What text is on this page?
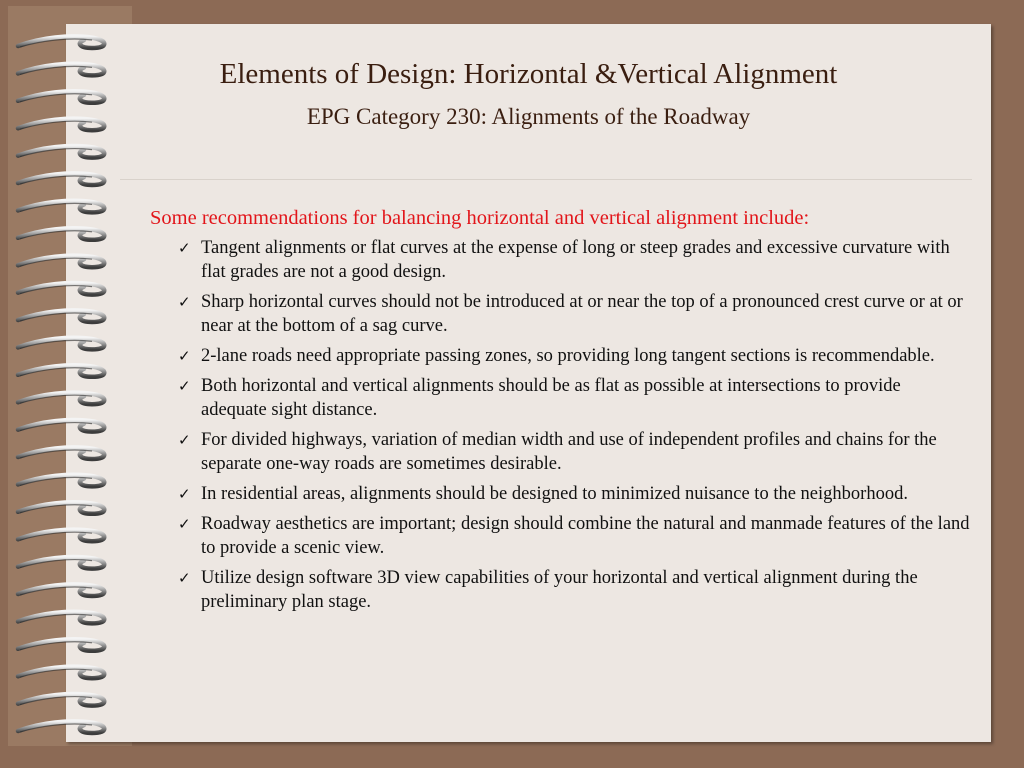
Elements of Design: Horizontal &Vertical Alignment
EPG Category 230: Alignments of the Roadway

Some recommendations for balancing horizontal and vertical alignment include:

✓ Tangent alignments or flat curves at the expense of long or steep grades and excessive curvature with flat grades are not a good design.
✓ Sharp horizontal curves should not be introduced at or near the top of a pronounced crest curve or at or near at the bottom of a sag curve.
✓ 2-lane roads need appropriate passing zones, so providing long tangent sections is recommendable.
✓ Both horizontal and vertical alignments should be as flat as possible at intersections to provide adequate sight distance.
✓ For divided highways, variation of median width and use of independent profiles and chains for the separate one-way roads are sometimes desirable.
✓ In residential areas, alignments should be designed to minimized nuisance to the neighborhood.
✓ Roadway aesthetics are important; design should combine the natural and manmade features of the land to provide a scenic view.
✓ Utilize design software 3D view capabilities of your horizontal and vertical alignment during the preliminary plan stage.
